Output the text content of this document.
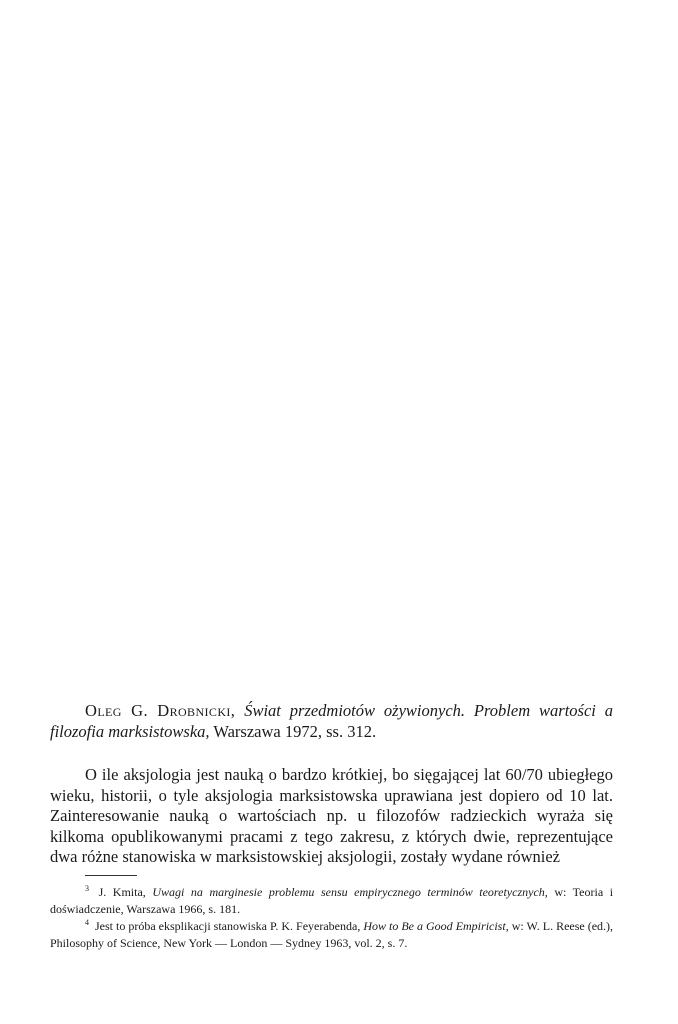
Oleg G. Drobnicki, Świat przedmiotów ożywionych. Problem wartości a filozofia marksistowska, Warszawa 1972, ss. 312.

O ile aksjologia jest nauką o bardzo krótkiej, bo sięgającej lat 60/70 ubiegłego wieku, historii, o tyle aksjologia marksistowska uprawiana jest dopiero od 10 lat. Zainteresowanie nauką o wartościach np. u filozofów radzieckich wyraża się kilkoma opublikowanymi pracami z tego zakresu, z których dwie, reprezentujące dwa różne stanowiska w marksistowskiej aksjologii, zostały wydane również

$^3$ J. Kmita, Uwagi na marginesie problemu sensu empirycznego terminów teoretycznych, w: Teoria i doświadczenie, Warszawa 1966, s. 181.

$^4$ Jest to próba eksplikacji stanowiska P. K. Feyerabenda, How to Be a Good Empiricist, w: W. L. Reese (ed.), Philosophy of Science, New York — London — Sydney 1963, vol. 2, s. 7.
